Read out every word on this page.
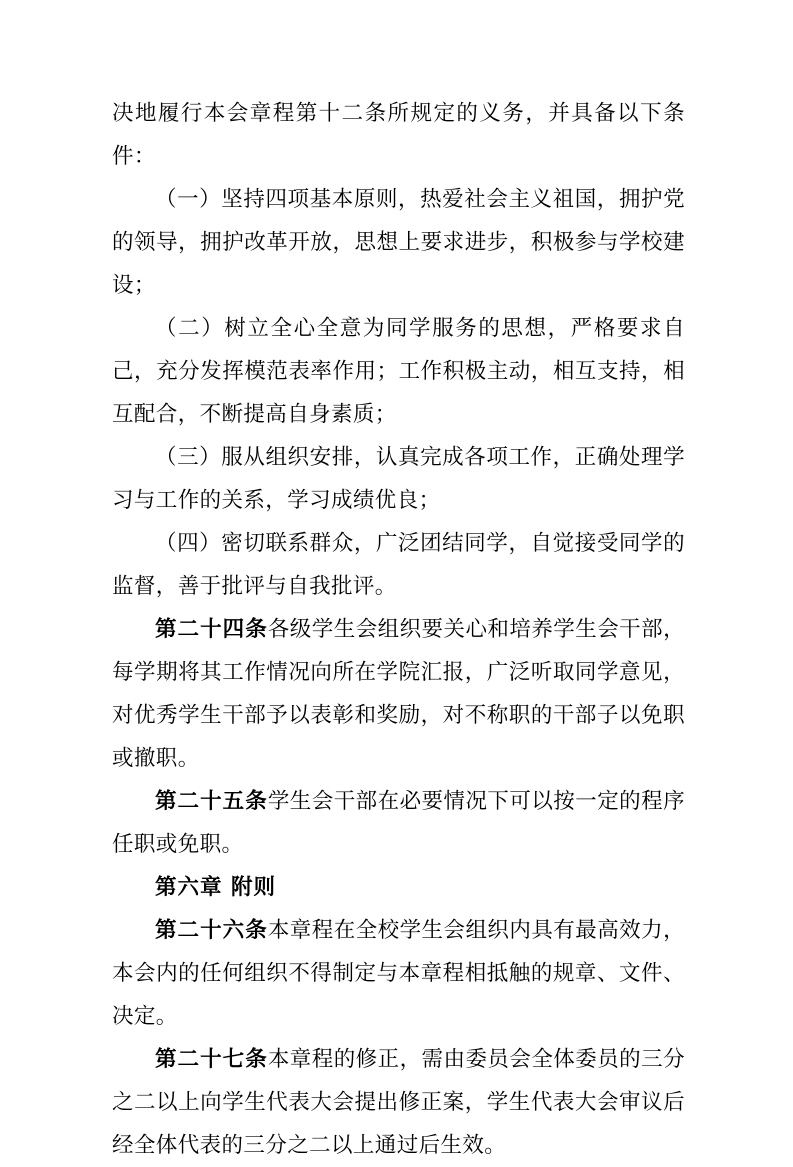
决地履行本会章程第十二条所规定的义务，并具备以下条件：

（一）坚持四项基本原则，热爱社会主义祖国，拥护党的领导，拥护改革开放，思想上要求进步，积极参与学校建设；

（二）树立全心全意为同学服务的思想，严格要求自己，充分发挥模范表率作用；工作积极主动，相互支持，相互配合，不断提高自身素质；

（三）服从组织安排，认真完成各项工作，正确处理学习与工作的关系，学习成绩优良；

（四）密切联系群众，广泛团结同学，自觉接受同学的监督，善于批评与自我批评。

第二十四条各级学生会组织要关心和培养学生会干部，每学期将其工作情况向所在学院汇报，广泛听取同学意见，对优秀学生干部予以表彰和奖励，对不称职的干部子以免职或撤职。

第二十五条学生会干部在必要情况下可以按一定的程序任职或免职。

第六章 附则

第二十六条本章程在全校学生会组织内具有最高效力，本会内的任何组织不得制定与本章程相抵触的规章、文件、决定。

第二十七条本章程的修正，需由委员会全体委员的三分之二以上向学生代表大会提出修正案，学生代表大会审议后经全体代表的三分之二以上通过后生效。
